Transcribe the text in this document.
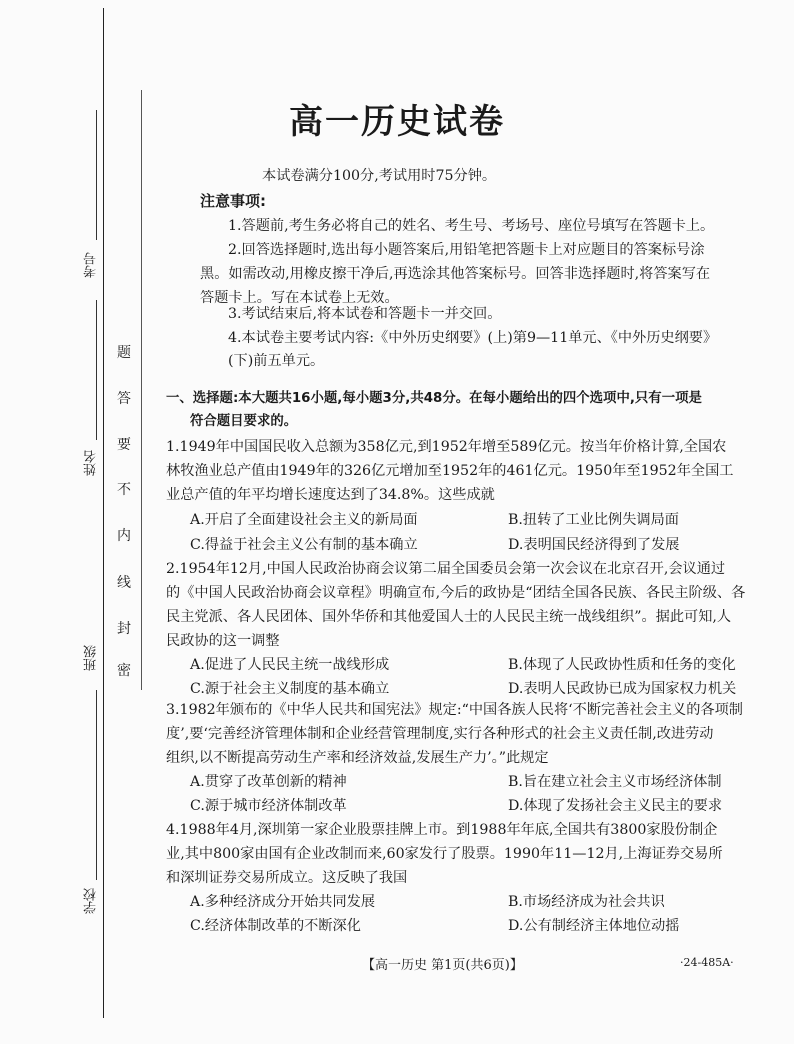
考号
姓名
班级
学校
题
答
要
不
内
线
封
密
高一历史试卷
本试卷满分100分,考试用时75分钟。
注意事项:
1.答题前,考生务必将自己的姓名、考生号、考场号、座位号填写在答题卡上。
2.回答选择题时,选出每小题答案后,用铅笔把答题卡上对应题目的答案标号涂
黑。如需改动,用橡皮擦干净后,再选涂其他答案标号。回答非选择题时,将答案写在
答题卡上。写在本试卷上无效。
3.考试结束后,将本试卷和答题卡一并交回。
4.本试卷主要考试内容:《中外历史纲要》(上)第9—11单元、《中外历史纲要》
(下)前五单元。
一、选择题:本大题共16小题,每小题3分,共48分。在每小题给出的四个选项中,只有一项是
符合题目要求的。
1.1949年中国国民收入总额为358亿元,到1952年增至589亿元。按当年价格计算,全国农
林牧渔业总产值由1949年的326亿元增加至1952年的461亿元。1950年至1952年全国工
业总产值的年平均增长速度达到了34.8%。这些成就
A.开启了全面建设社会主义的新局面	B.扭转了工业比例失调局面
C.得益于社会主义公有制的基本确立	D.表明国民经济得到了发展
2.1954年12月,中国人民政治协商会议第二届全国委员会第一次会议在北京召开,会议通过
的《中国人民政治协商会议章程》明确宣布,今后的政协是“团结全国各民族、各民主阶级、各
民主党派、各人民团体、国外华侨和其他爱国人士的人民民主统一战线组织”。据此可知,人
民政协的这一调整
A.促进了人民民主统一战线形成	B.体现了人民政协性质和任务的变化
C.源于社会主义制度的基本确立	D.表明人民政协已成为国家权力机关
3.1982年颁布的《中华人民共和国宪法》规定:“中国各族人民将‘不断完善社会主义的各项制
度’,要‘完善经济管理体制和企业经营管理制度,实行各种形式的社会主义责任制,改进劳动
组织,以不断提高劳动生产率和经济效益,发展生产力’。”此规定
A.贯穿了改革创新的精神	B.旨在建立社会主义市场经济体制
C.源于城市经济体制改革	D.体现了发扬社会主义民主的要求
4.1988年4月,深圳第一家企业股票挂牌上市。到1988年年底,全国共有3800家股份制企
业,其中800家由国有企业改制而来,60家发行了股票。1990年11—12月,上海证券交易所
和深圳证券交易所成立。这反映了我国
A.多种经济成分开始共同发展	B.市场经济成为社会共识
C.经济体制改革的不断深化	D.公有制经济主体地位动摇
【高一历史 第1页(共6页)】	·24-485A·
